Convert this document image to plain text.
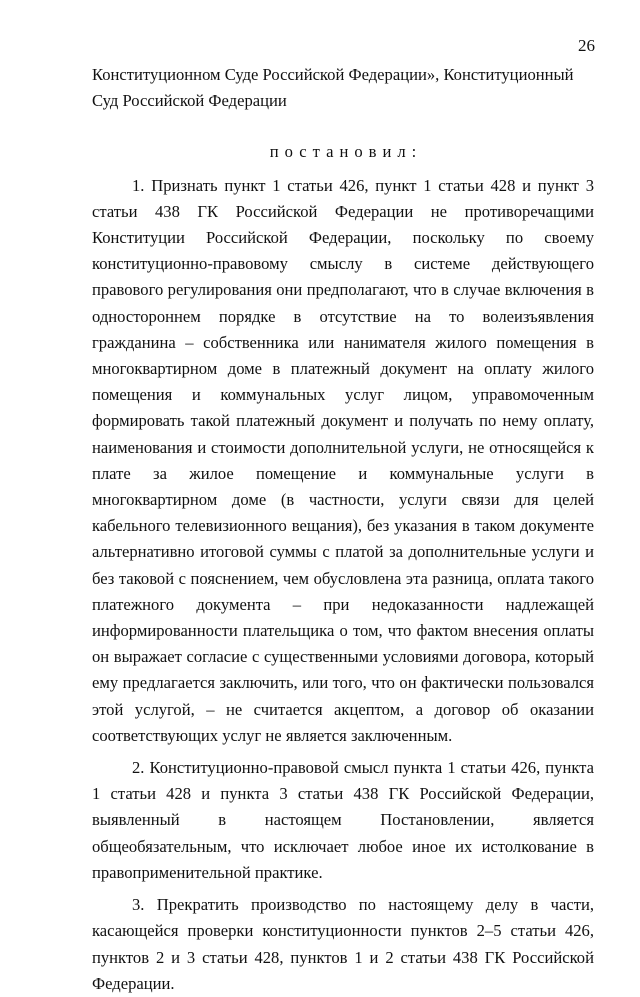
26

Конституционном Суде Российской Федерации», Конституционный Суд Российской Федерации

постановил:

1. Признать пункт 1 статьи 426, пункт 1 статьи 428 и пункт 3 статьи 438 ГК Российской Федерации не противоречащими Конституции Российской Федерации, поскольку по своему конституционно-правовому смыслу в системе действующего правового регулирования они предполагают, что в случае включения в одностороннем порядке в отсутствие на то волеизъявления гражданина – собственника или нанимателя жилого помещения в многоквартирном доме в платежный документ на оплату жилого помещения и коммунальных услуг лицом, управомоченным формировать такой платежный документ и получать по нему оплату, наименования и стоимости дополнительной услуги, не относящейся к плате за жилое помещение и коммунальные услуги в многоквартирном доме (в частности, услуги связи для целей кабельного телевизионного вещания), без указания в таком документе альтернативно итоговой суммы с платой за дополнительные услуги и без таковой с пояснением, чем обусловлена эта разница, оплата такого платежного документа – при недоказанности надлежащей информированности плательщика о том, что фактом внесения оплаты он выражает согласие с существенными условиями договора, который ему предлагается заключить, или того, что он фактически пользовался этой услугой, – не считается акцептом, а договор об оказании соответствующих услуг не является заключенным.

2. Конституционно-правовой смысл пункта 1 статьи 426, пункта 1 статьи 428 и пункта 3 статьи 438 ГК Российской Федерации, выявленный в настоящем Постановлении, является общеобязательным, что исключает любое иное их истолкование в правоприменительной практике.

3. Прекратить производство по настоящему делу в части, касающейся проверки конституционности пунктов 2–5 статьи 426, пунктов 2 и 3 статьи 428, пунктов 1 и 2 статьи 438 ГК Российской Федерации.
